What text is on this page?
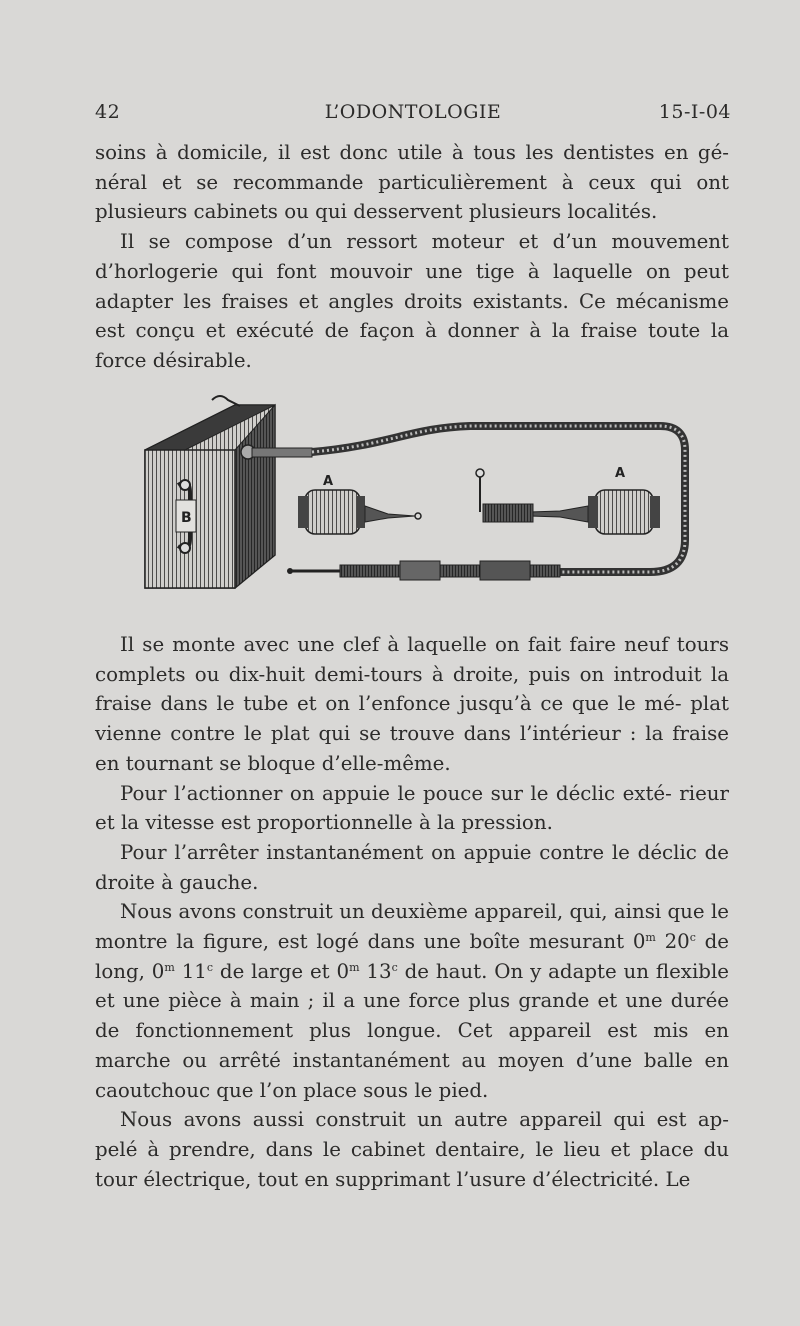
42	L’ODONTOLOGIE	15-I-04

soins à domicile, il est donc utile à tous les dentistes en gé- néral et se recommande particulièrement à ceux qui ont plusieurs cabinets ou qui desservent plusieurs localités.

Il se compose d’un ressort moteur et d’un mouvement d’horlogerie qui font mouvoir une tige à laquelle on peut adapter les fraises et angles droits existants. Ce mécanisme est conçu et exécuté de façon à donner à la fraise toute la force désirable.

B
A
A

Il se monte avec une clef à laquelle on fait faire neuf tours complets ou dix-huit demi-tours à droite, puis on introduit la fraise dans le tube et on l’enfonce jusqu’à ce que le mé- plat vienne contre le plat qui se trouve dans l’intérieur : la fraise en tournant se bloque d’elle-même.

Pour l’actionner on appuie le pouce sur le déclic exté- rieur et la vitesse est proportionnelle à la pression.

Pour l’arrêter instantanément on appuie contre le déclic de droite à gauche.

Nous avons construit un deuxième appareil, qui, ainsi que le montre la figure, est logé dans une boîte mesurant 0$^m$ 20$^c$ de long, 0$^m$ 11$^c$ de large et 0$^m$ 13$^c$ de haut. On y adapte un flexible et une pièce à main ; il a une force plus grande et une durée de fonctionnement plus longue. Cet appareil est mis en marche ou arrêté instantanément au moyen d’une balle en caoutchouc que l’on place sous le pied.

Nous avons aussi construit un autre appareil qui est ap- pelé à prendre, dans le cabinet dentaire, le lieu et place du tour électrique, tout en supprimant l’usure d’électricité. Le
